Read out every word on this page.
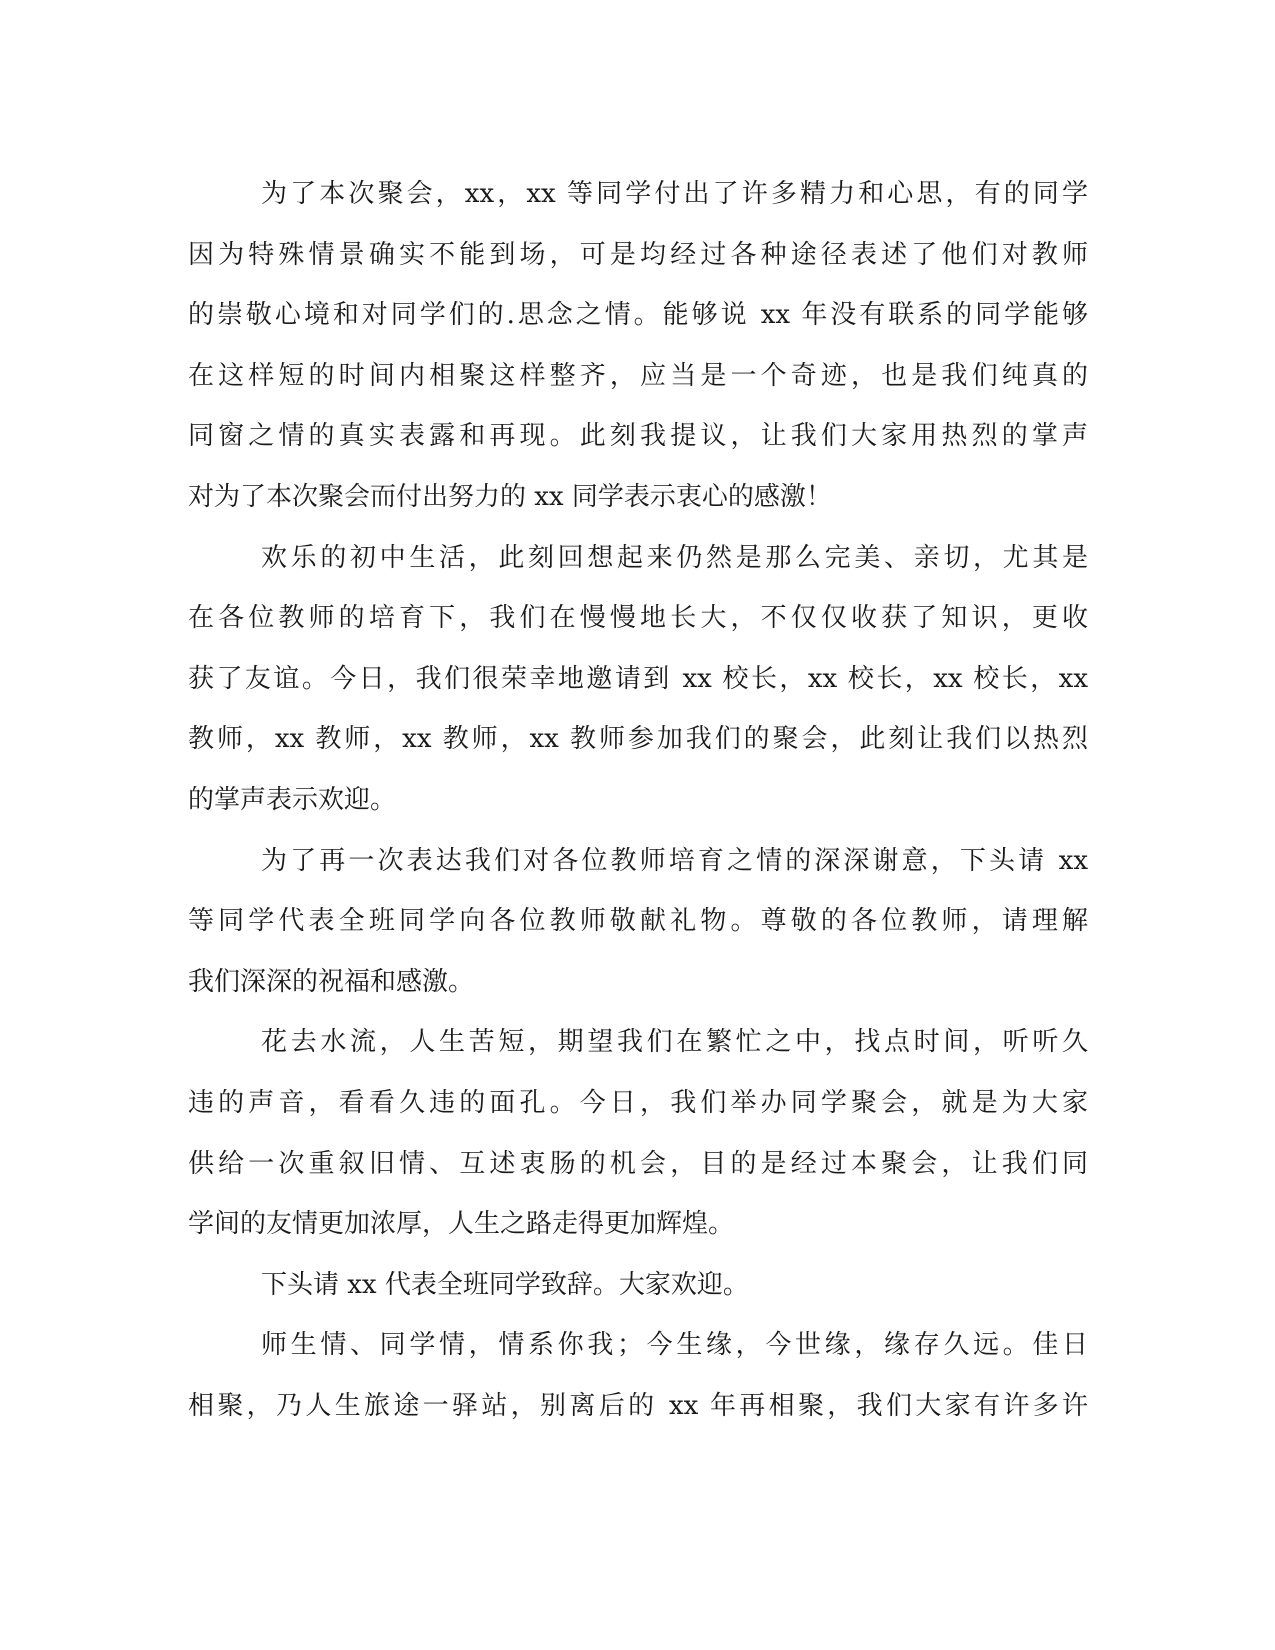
为了本次聚会，xx，xx 等同学付出了许多精力和心思，有的同学
因为特殊情景确实不能到场，可是均经过各种途径表述了他们对教师
的崇敬心境和对同学们的.思念之情。能够说 xx 年没有联系的同学能够
在这样短的时间内相聚这样整齐，应当是一个奇迹，也是我们纯真的
同窗之情的真实表露和再现。此刻我提议，让我们大家用热烈的掌声
对为了本次聚会而付出努力的 xx 同学表示衷心的感激！
欢乐的初中生活，此刻回想起来仍然是那么完美、亲切，尤其是
在各位教师的培育下，我们在慢慢地长大，不仅仅收获了知识，更收
获了友谊。今日，我们很荣幸地邀请到 xx 校长，xx 校长，xx 校长，xx
教师，xx 教师，xx 教师，xx 教师参加我们的聚会，此刻让我们以热烈
的掌声表示欢迎。
为了再一次表达我们对各位教师培育之情的深深谢意，下头请 xx
等同学代表全班同学向各位教师敬献礼物。尊敬的各位教师，请理解
我们深深的祝福和感激。
花去水流，人生苦短，期望我们在繁忙之中，找点时间，听听久
违的声音，看看久违的面孔。今日，我们举办同学聚会，就是为大家
供给一次重叙旧情、互述衷肠的机会，目的是经过本聚会，让我们同
学间的友情更加浓厚，人生之路走得更加辉煌。
下头请 xx 代表全班同学致辞。大家欢迎。
师生情、同学情，情系你我；今生缘，今世缘，缘存久远。佳日
相聚，乃人生旅途一驿站，别离后的 xx 年再相聚，我们大家有许多许
